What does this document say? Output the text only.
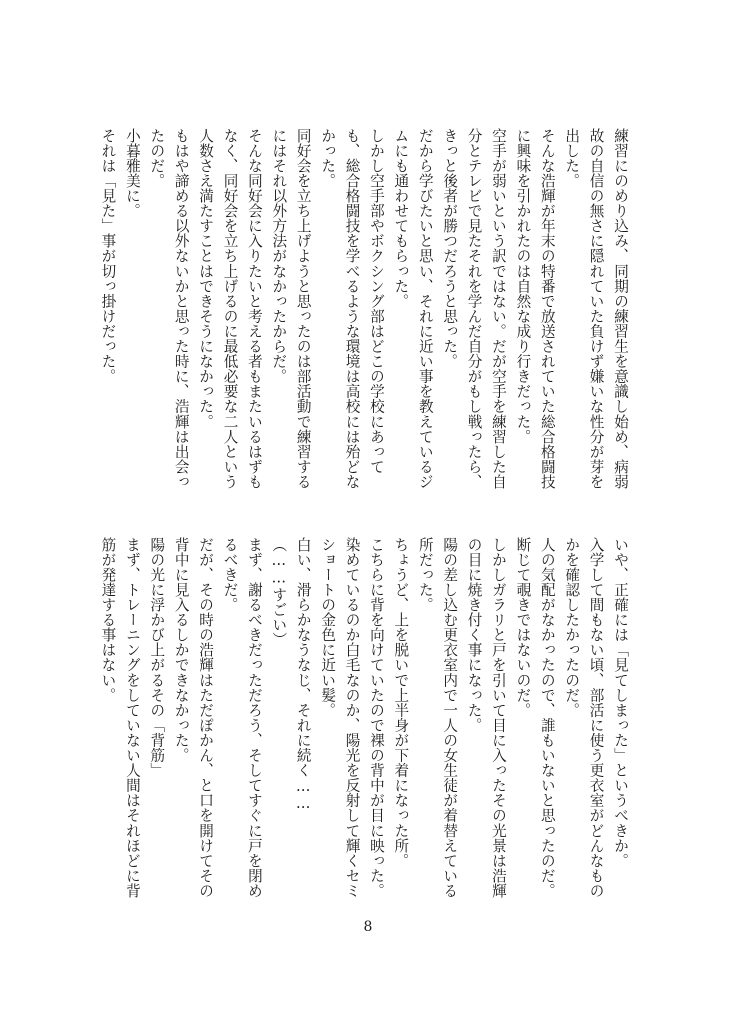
練習にのめり込み、同期の練習生を意識し始め、病弱故の自信の無さに隠れていた負けず嫌いな性分が芽を出した。

そんな浩輝が年末の特番で放送されていた総合格闘技に興味を引かれたのは自然な成り行きだった。

空手が弱いという訳ではない。だが空手を練習した自分とテレビで見たそれを学んだ自分がもし戦ったら、きっと後者が勝つだろうと思った。

だから学びたいと思い、それに近い事を教えているジムにも通わせてもらった。

しかし空手部やボクシング部はどこの学校にあっても、総合格闘技を学べるような環境は高校には殆どなかった。

同好会を立ち上げようと思ったのは部活動で練習するにはそれ以外方法がなかったからだ。

そんな同好会に入りたいと考える者もまたいるはずもなく、同好会を立ち上げるのに最低必要な二人という人数さえ満たすことはできそうになかった。

もはや諦める以外ないかと思った時に、浩輝は出会ったのだ。

小暮雅美に。

それは「見た」事が切っ掛けだった。

いや、正確には「見てしまった」というべきか。

入学して間もない頃、部活に使う更衣室がどんなものかを確認したかったのだ。

人の気配がなかったので、誰もいないと思ったのだ。

断じて覗きではないのだ。

しかしガラリと戸を引いて目に入ったその光景は浩輝の目に焼き付く事になった。

陽の差し込む更衣室内で一人の女生徒が着替えている所だった。

ちょうど、上を脱いで上半身が下着になった所。

こちらに背を向けていたので裸の背中が目に映った。

染めているのか白毛なのか、陽光を反射して輝くセミショートの金色に近い髪。

白い、滑らかなうなじ、それに続く……

（……すごい）

まず、謝るべきだっただろう、そしてすぐに戸を閉めるべきだ。

だが、その時の浩輝はただぽかん、と口を開けてその背中に見入るしかできなかった。

陽の光に浮かび上がるその「背筋」

まず、トレーニングをしていない人間はそれほどに背筋が発達する事はない。

8
